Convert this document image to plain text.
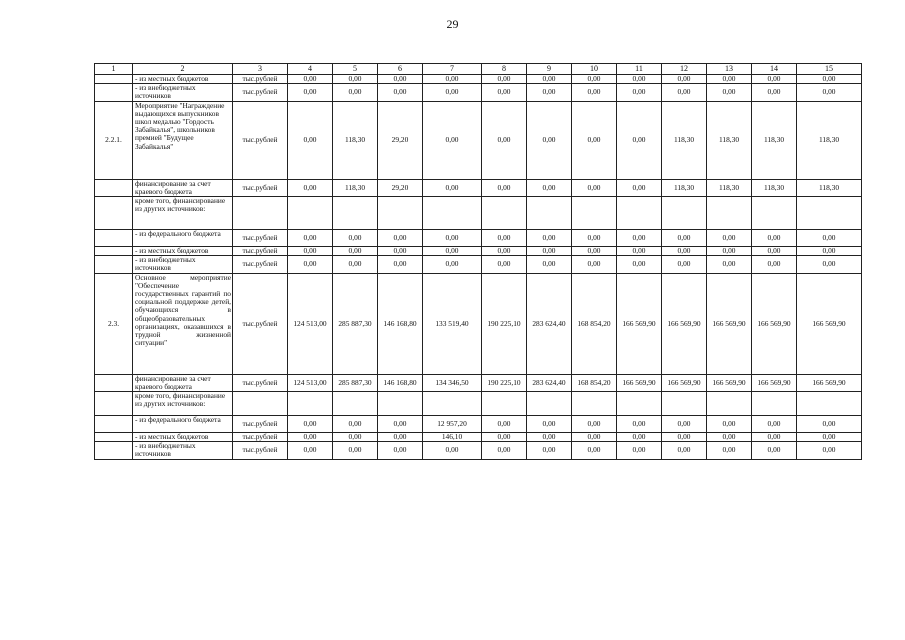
29
1	2	3	4	5	6	7	8	9	10	11	12	13	14	15
	- из местных бюджетов	тыс.рублей	0,00	0,00	0,00	0,00	0,00	0,00	0,00	0,00	0,00	0,00	0,00	0,00
	- из внебюджетных источников	тыс.рублей	0,00	0,00	0,00	0,00	0,00	0,00	0,00	0,00	0,00	0,00	0,00	0,00
2.2.1.	Мероприятие "Награждение выдающихся выпускников школ медалью "Гордость Забайкалья", школьников премией "Будущее Забайкалья"	тыс.рублей	0,00	118,30	29,20	0,00	0,00	0,00	0,00	0,00	118,30	118,30	118,30	118,30
	финансирование за счет краевого бюджета	тыс.рублей	0,00	118,30	29,20	0,00	0,00	0,00	0,00	0,00	118,30	118,30	118,30	118,30
	кроме того, финансирование из других источников:													
	- из федерального бюджета	тыс.рублей	0,00	0,00	0,00	0,00	0,00	0,00	0,00	0,00	0,00	0,00	0,00	0,00
	- из местных бюджетов	тыс.рублей	0,00	0,00	0,00	0,00	0,00	0,00	0,00	0,00	0,00	0,00	0,00	0,00
	- из внебюджетных источников	тыс.рублей	0,00	0,00	0,00	0,00	0,00	0,00	0,00	0,00	0,00	0,00	0,00	0,00
2.3.	Основное мероприятие "Обеспечение государственных гарантий по социальной поддержке детей, обучающихся в общеобразовательных организациях, оказавшихся в трудной жизненной ситуации"	тыс.рублей	124 513,00	285 887,30	146 168,80	133 519,40	190 225,10	283 624,40	168 854,20	166 569,90	166 569,90	166 569,90	166 569,90	166 569,90
	финансирование за счет краевого бюджета	тыс.рублей	124 513,00	285 887,30	146 168,80	134 346,50	190 225,10	283 624,40	168 854,20	166 569,90	166 569,90	166 569,90	166 569,90	166 569,90
	кроме того, финансирование из других источников:													
	- из федерального бюджета	тыс.рублей	0,00	0,00	0,00	12 957,20	0,00	0,00	0,00	0,00	0,00	0,00	0,00	0,00
	- из местных бюджетов	тыс.рублей	0,00	0,00	0,00	146,10	0,00	0,00	0,00	0,00	0,00	0,00	0,00	0,00
	- из внебюджетных источников	тыс.рублей	0,00	0,00	0,00	0,00	0,00	0,00	0,00	0,00	0,00	0,00	0,00	0,00
